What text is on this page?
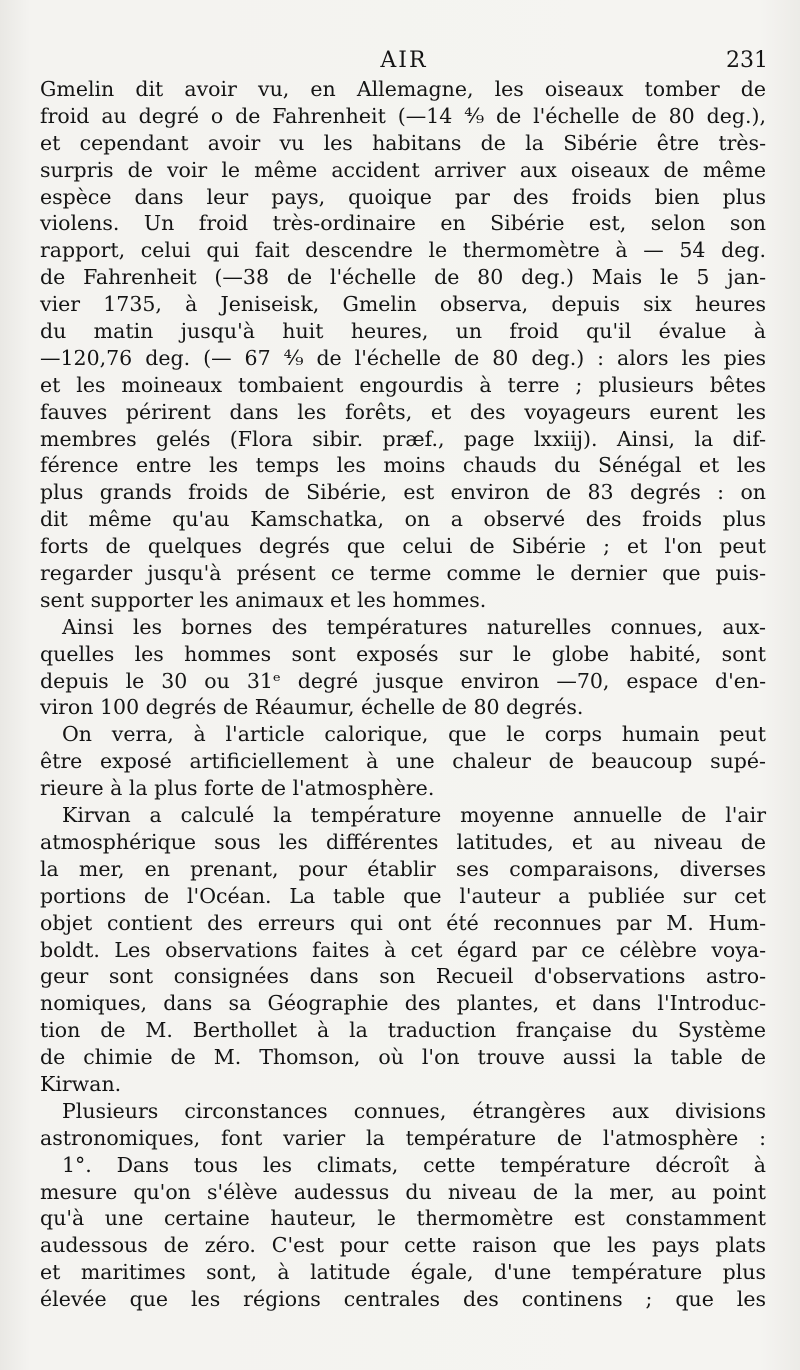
AIR	231
Gmelin dit avoir vu, en Allemagne, les oiseaux tomber de
froid au degré o de Fahrenheit (—14 ⁴⁄₉ de l'échelle de 80 deg.),
et cependant avoir vu les habitans de la Sibérie être très-
surpris de voir le même accident arriver aux oiseaux de même
espèce dans leur pays, quoique par des froids bien plus
violens. Un froid très-ordinaire en Sibérie est, selon son
rapport, celui qui fait descendre le thermomètre à — 54 deg.
de Fahrenheit (—38 de l'échelle de 80 deg.) Mais le 5 jan-
vier 1735, à Jeniseisk, Gmelin observa, depuis six heures
du matin jusqu'à huit heures, un froid qu'il évalue à
—120,76 deg. (— 67 ⁴⁄₉ de l'échelle de 80 deg.) : alors les pies
et les moineaux tombaient engourdis à terre ; plusieurs bêtes
fauves périrent dans les forêts, et des voyageurs eurent les
membres gelés (Flora sibir. præf., page lxxiij). Ainsi, la dif-
férence entre les temps les moins chauds du Sénégal et les
plus grands froids de Sibérie, est environ de 83 degrés : on
dit même qu'au Kamschatka, on a observé des froids plus
forts de quelques degrés que celui de Sibérie ; et l'on peut
regarder jusqu'à présent ce terme comme le dernier que puis-
sent supporter les animaux et les hommes.
Ainsi les bornes des températures naturelles connues, aux-
quelles les hommes sont exposés sur le globe habité, sont
depuis le 30 ou 31ᵉ degré jusque environ —70, espace d'en-
viron 100 degrés de Réaumur, échelle de 80 degrés.
On verra, à l'article calorique, que le corps humain peut
être exposé artificiellement à une chaleur de beaucoup supé-
rieure à la plus forte de l'atmosphère.
Kirvan a calculé la température moyenne annuelle de l'air
atmosphérique sous les différentes latitudes, et au niveau de
la mer, en prenant, pour établir ses comparaisons, diverses
portions de l'Océan. La table que l'auteur a publiée sur cet
objet contient des erreurs qui ont été reconnues par M. Hum-
boldt. Les observations faites à cet égard par ce célèbre voya-
geur sont consignées dans son Recueil d'observations astro-
nomiques, dans sa Géographie des plantes, et dans l'Introduc-
tion de M. Berthollet à la traduction française du Système
de chimie de M. Thomson, où l'on trouve aussi la table de
Kirwan.
Plusieurs circonstances connues, étrangères aux divisions
astronomiques, font varier la température de l'atmosphère :
1°. Dans tous les climats, cette température décroît à
mesure qu'on s'élève audessus du niveau de la mer, au point
qu'à une certaine hauteur, le thermomètre est constamment
audessous de zéro. C'est pour cette raison que les pays plats
et maritimes sont, à latitude égale, d'une température plus
élevée que les régions centrales des continens ; que les
